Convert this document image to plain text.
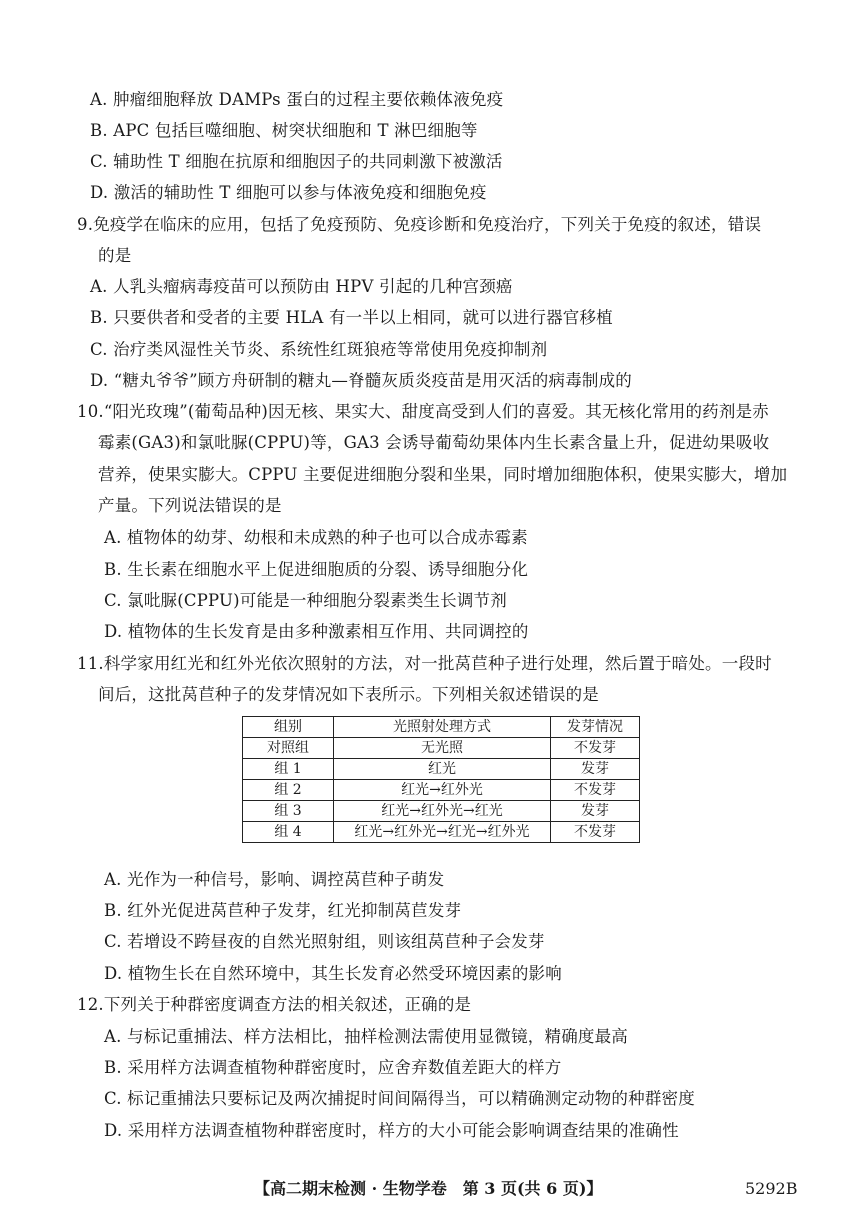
A. 肿瘤细胞释放 DAMPs 蛋白的过程主要依赖体液免疫
B. APC 包括巨噬细胞、树突状细胞和 T 淋巴细胞等
C. 辅助性 T 细胞在抗原和细胞因子的共同刺激下被激活
D. 激活的辅助性 T 细胞可以参与体液免疫和细胞免疫
9.免疫学在临床的应用，包括了免疫预防、免疫诊断和免疫治疗，下列关于免疫的叙述，错误
的是
A. 人乳头瘤病毒疫苗可以预防由 HPV 引起的几种宫颈癌
B. 只要供者和受者的主要 HLA 有一半以上相同，就可以进行器官移植
C. 治疗类风湿性关节炎、系统性红斑狼疮等常使用免疫抑制剂
D. “糖丸爷爷”顾方舟研制的糖丸—脊髓灰质炎疫苗是用灭活的病毒制成的
10.“阳光玫瑰”(葡萄品种)因无核、果实大、甜度高受到人们的喜爱。其无核化常用的药剂是赤
霉素(GA3)和氯吡脲(CPPU)等，GA3 会诱导葡萄幼果体内生长素含量上升，促进幼果吸收
营养，使果实膨大。CPPU 主要促进细胞分裂和坐果，同时增加细胞体积，使果实膨大，增加
产量。下列说法错误的是
A. 植物体的幼芽、幼根和未成熟的种子也可以合成赤霉素
B. 生长素在细胞水平上促进细胞质的分裂、诱导细胞分化
C. 氯吡脲(CPPU)可能是一种细胞分裂素类生长调节剂
D. 植物体的生长发育是由多种激素相互作用、共同调控的
11.科学家用红光和红外光依次照射的方法，对一批莴苣种子进行处理，然后置于暗处。一段时
间后，这批莴苣种子的发芽情况如下表所示。下列相关叙述错误的是
组别	光照射处理方式	发芽情况
对照组	无光照	不发芽
组 1	红光	发芽
组 2	红光→红外光	不发芽
组 3	红光→红外光→红光	发芽
组 4	红光→红外光→红光→红外光	不发芽
A. 光作为一种信号，影响、调控莴苣种子萌发
B. 红外光促进莴苣种子发芽，红光抑制莴苣发芽
C. 若增设不跨昼夜的自然光照射组，则该组莴苣种子会发芽
D. 植物生长在自然环境中，其生长发育必然受环境因素的影响
12.下列关于种群密度调查方法的相关叙述，正确的是
A. 与标记重捕法、样方法相比，抽样检测法需使用显微镜，精确度最高
B. 采用样方法调查植物种群密度时，应舍弃数值差距大的样方
C. 标记重捕法只要标记及两次捕捉时间间隔得当，可以精确测定动物的种群密度
D. 采用样方法调查植物种群密度时，样方的大小可能会影响调查结果的准确性
【高二期末检测 · 生物学卷　第 3 页(共 6 页)】	5292B
